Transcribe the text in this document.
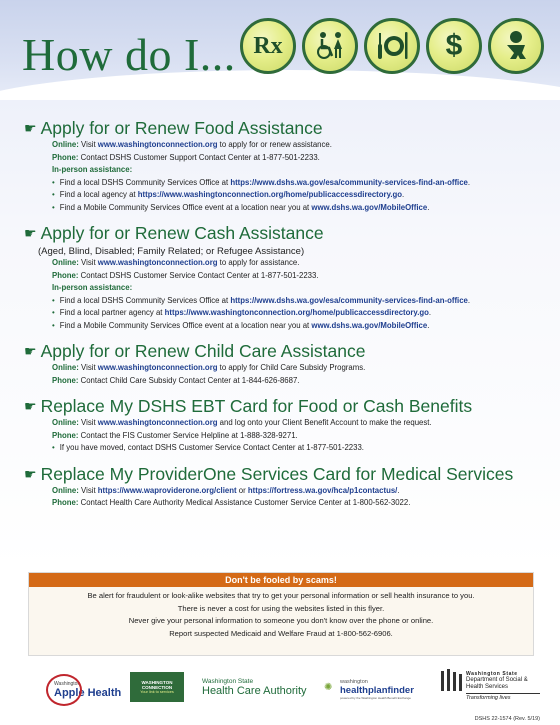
How do I... Rx	$
☛ Apply for or Renew Food Assistance
Online: Visit www.washingtonconnection.org to apply for or renew assistance.
Phone: Contact DSHS Customer Support Contact Center at 1-877-501-2233.
In-person assistance:
• Find a local DSHS Community Services Office at https://www.dshs.wa.gov/esa/community-services-find-an-office.
• Find a local agency at https://www.washingtonconnection.org/home/publicaccessdirectory.go.
• Find a Mobile Community Services Office event at a location near you at www.dshs.wa.gov/MobileOffice.
☛ Apply for or Renew Cash Assistance
(Aged, Blind, Disabled; Family Related; or Refugee Assistance)
Online: Visit www.washingtonconnection.org to apply for assistance.
Phone: Contact DSHS Customer Service Contact Center at 1-877-501-2233.
In-person assistance:
• Find a local DSHS Community Services Office at https://www.dshs.wa.gov/esa/community-services-find-an-office.
• Find a local partner agency at https://www.washingtonconnection.org/home/publicaccessdirectory.go.
• Find a Mobile Community Services Office event at a location near you at www.dshs.wa.gov/MobileOffice.
☛ Apply for or Renew Child Care Assistance
Online: Visit www.washingtonconnection.org to apply for Child Care Subsidy Programs.
Phone: Contact Child Care Subsidy Contact Center at 1-844-626-8687.
☛ Replace My DSHS EBT Card for Food or Cash Benefits
Online: Visit www.washingtonconnection.org and log onto your Client Benefit Account to make the request.
Phone: Contact the FIS Customer Service Helpline at 1-888-328-9271.
• If you have moved, contact DSHS Customer Service Contact Center at 1-877-501-2233.
☛ Replace My ProviderOne Services Card for Medical Services
Online: Visit https://www.waproviderone.org/client or https://fortress.wa.gov/hca/p1contactus/.
Phone: Contact Health Care Authority Medical Assistance Customer Service Center at 1-800-562-3022.
Don't be fooled by scams!
Be alert for fraudulent or look-alike websites that try to get your personal information or sell health insurance to you.
There is never a cost for using the websites listed in this flyer.
Never give your personal information to someone you don't know over the phone or online.
Report suspected Medicaid and Welfare Fraud at 1-800-562-6906.
Washington
Apple Health
WASHINGTON CONNECTION
Your link to services
Washington State
Health Care Authority	✺
washington
healthplanfinder
powered by the Washington Health Benefit Exchange
Washington State
Department of Social & Health Services
Transforming lives
DSHS 22-1574 (Rev. 5/19)
